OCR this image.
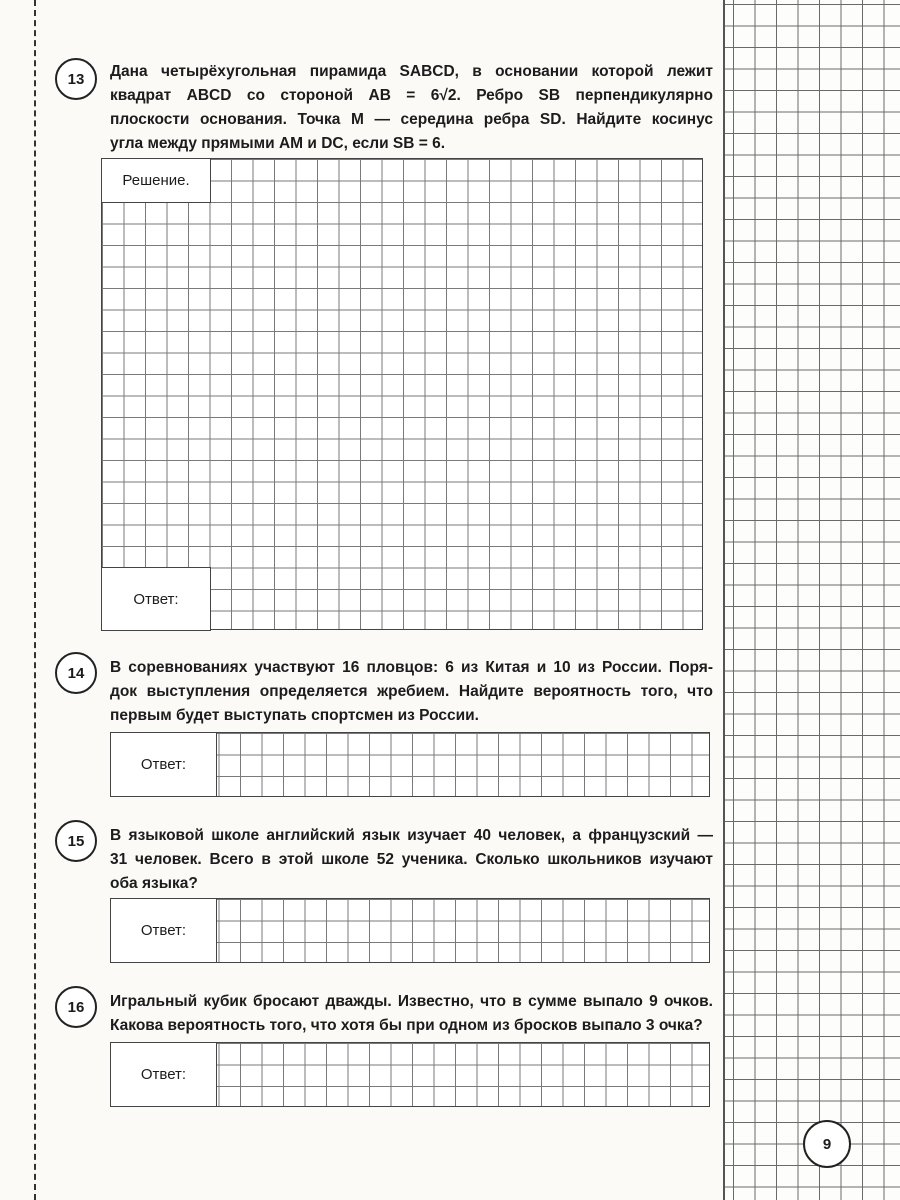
13	Дана четырёхугольная пирамида SABCD, в основании которой лежит
квадрат ABCD со стороной AB = 6√2. Ребро SB перпендикулярно
плоскости основания. Точка M — середина ребра SD. Найдите косинус
угла между прямыми AM и DC, если SB = 6.
Решение.
Ответ:
14	В соревнованиях участвуют 16 пловцов: 6 из Китая и 10 из России. Поря-
док выступления определяется жребием. Найдите вероятность того, что
первым будет выступать спортсмен из России.
Ответ:
15	В языковой школе английский язык изучает 40 человек, а французский —
31 человек. Всего в этой школе 52 ученика. Сколько школьников изучают
оба языка?
Ответ:
16	Игральный кубик бросают дважды. Известно, что в сумме выпало 9 очков.
Какова вероятность того, что хотя бы при одном из бросков выпало 3 очка?
Ответ:
9
